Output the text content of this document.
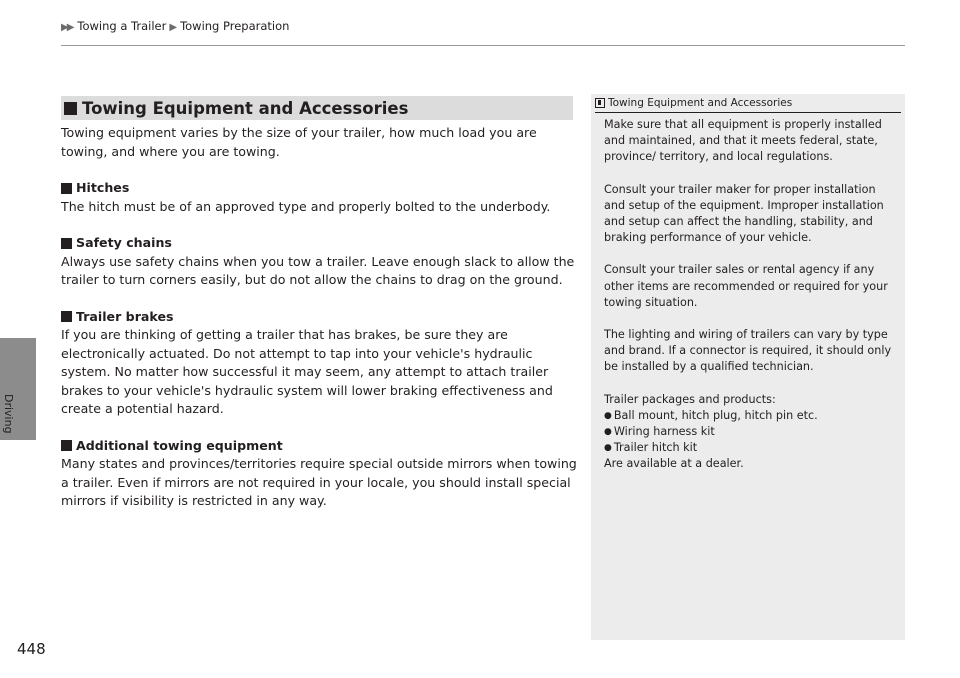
▶▶ Towing a Trailer ▶ Towing Preparation
Driving
448
Towing Equipment and Accessories

Towing equipment varies by the size of your trailer, how much load you are towing, and where you are towing.

Hitches

The hitch must be of an approved type and properly bolted to the underbody.

Safety chains

Always use safety chains when you tow a trailer. Leave enough slack to allow the trailer to turn corners easily, but do not allow the chains to drag on the ground.

Trailer brakes

If you are thinking of getting a trailer that has brakes, be sure they are electronically actuated. Do not attempt to tap into your vehicle's hydraulic system. No matter how successful it may seem, any attempt to attach trailer brakes to your vehicle's hydraulic system will lower braking effectiveness and create a potential hazard.

Additional towing equipment

Many states and provinces/territories require special outside mirrors when towing a trailer. Even if mirrors are not required in your locale, you should install special mirrors if visibility is restricted in any way.

Towing Equipment and Accessories

Make sure that all equipment is properly installed and maintained, and that it meets federal, state, province/ territory, and local regulations.

Consult your trailer maker for proper installation and setup of the equipment. Improper installation and setup can affect the handling, stability, and braking performance of your vehicle.

Consult your trailer sales or rental agency if any other items are recommended or required for your towing situation.

The lighting and wiring of trailers can vary by type and brand. If a connector is required, it should only be installed by a qualified technician.

Trailer packages and products:
● Ball mount, hitch plug, hitch pin etc.
● Wiring harness kit
● Trailer hitch kit

Are available at a dealer.
